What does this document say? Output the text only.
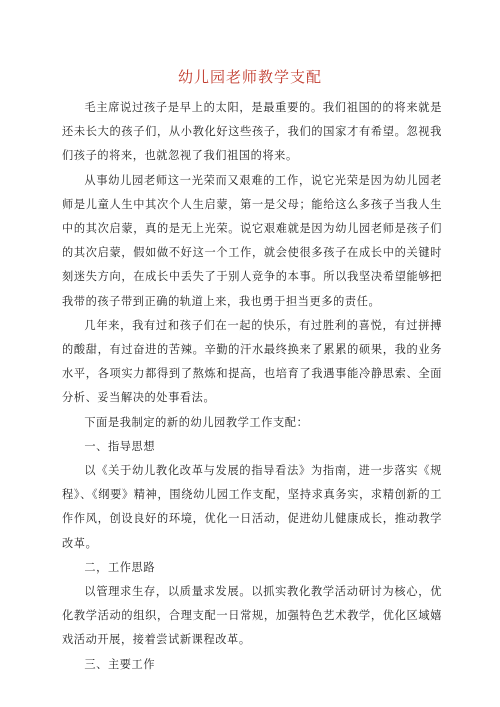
幼儿园老师教学支配

毛主席说过孩子是早上的太阳，是最重要的。我们祖国的的将来就是还未长大的孩子们，从小教化好这些孩子，我们的国家才有希望。忽视我们孩子的将来，也就忽视了我们祖国的将来。

从事幼儿园老师这一光荣而又艰难的工作，说它光荣是因为幼儿园老师是儿童人生中其次个人生启蒙，第一是父母；能给这么多孩子当我人生中的其次启蒙，真的是无上光荣。说它艰难就是因为幼儿园老师是孩子们的其次启蒙，假如做不好这一个工作，就会使很多孩子在成长中的关键时刻迷失方向，在成长中丢失了于别人竞争的本事。所以我坚决希望能够把我带的孩子带到正确的轨道上来，我也勇于担当更多的责任。

几年来，我有过和孩子们在一起的快乐，有过胜利的喜悦，有过拼搏的酸甜，有过奋进的苦辣。辛勤的汗水最终换来了累累的硕果，我的业务水平，各项实力都得到了熬炼和提高，也培育了我遇事能冷静思索、全面分析、妥当解决的处事看法。

下面是我制定的新的幼儿园教学工作支配：

一、指导思想

以《关于幼儿教化改革与发展的指导看法》为指南，进一步落实《规程》、《纲要》精神，围绕幼儿园工作支配，坚持求真务实，求精创新的工作作风，创设良好的环境，优化一日活动，促进幼儿健康成长，推动教学改革。

二，工作思路

以管理求生存，以质量求发展。以抓实教化教学活动研讨为核心，优化教学活动的组织，合理支配一日常规，加强特色艺术教学，优化区域嬉戏活动开展，接着尝试新课程改革。

三、主要工作
